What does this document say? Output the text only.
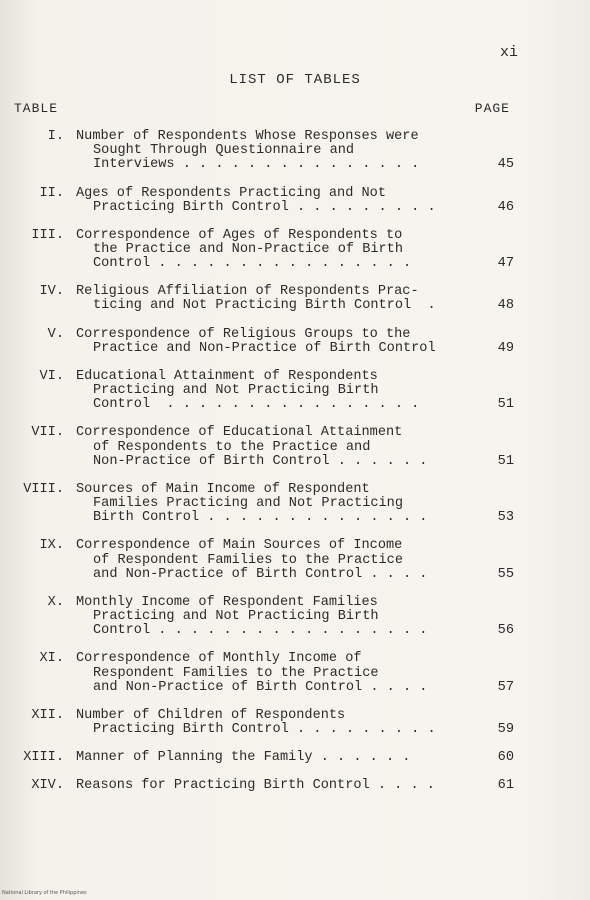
xi
LIST OF TABLES
TABLE	PAGE
I. Number of Respondents Whose Responses were
Sought Through Questionnaire and
Interviews . . . . . . . . . . . . . . .	45
II. Ages of Respondents Practicing and Not
Practicing Birth Control . . . . . . . . .	46
III. Correspondence of Ages of Respondents to
the Practice and Non-Practice of Birth
Control . . . . . . . . . . . . . . . .	47
IV. Religious Affiliation of Respondents Prac-
ticing and Not Practicing Birth Control  .	48
V. Correspondence of Religious Groups to the
Practice and Non-Practice of Birth Control	49
VI. Educational Attainment of Respondents
Practicing and Not Practicing Birth
Control  . . . . . . . . . . . . . . . .	51
VII. Correspondence of Educational Attainment
of Respondents to the Practice and
Non-Practice of Birth Control . . . . . .	51
VIII. Sources of Main Income of Respondent
Families Practicing and Not Practicing
Birth Control . . . . . . . . . . . . . .	53
IX. Correspondence of Main Sources of Income
of Respondent Families to the Practice
and Non-Practice of Birth Control . . . .	55
X. Monthly Income of Respondent Families
Practicing and Not Practicing Birth
Control . . . . . . . . . . . . . . . . .	56
XI. Correspondence of Monthly Income of
Respondent Families to the Practice
and Non-Practice of Birth Control . . . .	57
XII. Number of Children of Respondents
Practicing Birth Control . . . . . . . . .	59
XIII. Manner of Planning the Family . . . . . .	60
XIV. Reasons for Practicing Birth Control . . . .	61
National Library of the Philippines
